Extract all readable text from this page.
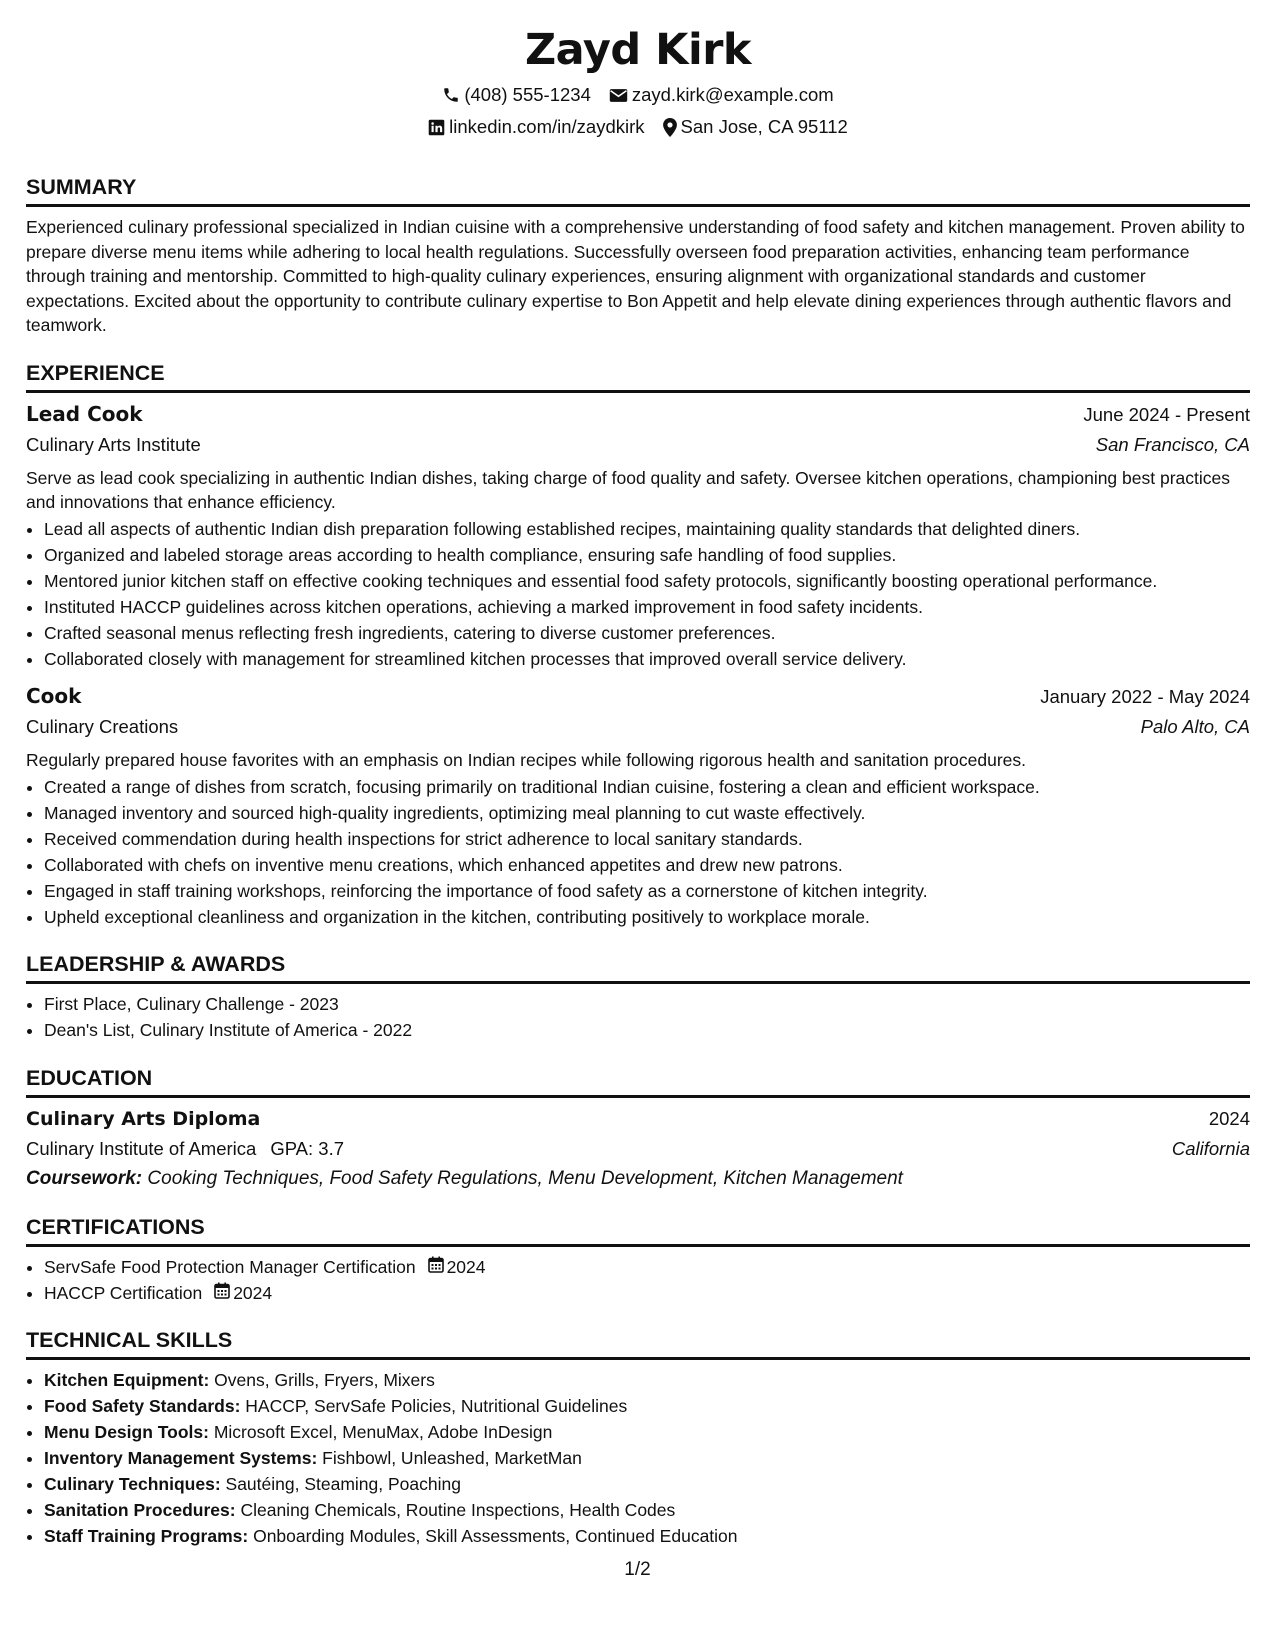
Zayd Kirk
(408) 555-1234 zayd.kirk@example.com
linkedin.com/in/zaydkirk San Jose, CA 95112
SUMMARY
Experienced culinary professional specialized in Indian cuisine with a comprehensive understanding of food safety and kitchen management. Proven ability to prepare diverse menu items while adhering to local health regulations. Successfully overseen food preparation activities, enhancing team performance through training and mentorship. Committed to high-quality culinary experiences, ensuring alignment with organizational standards and customer expectations. Excited about the opportunity to contribute culinary expertise to Bon Appetit and help elevate dining experiences through authentic flavors and teamwork.
EXPERIENCE
Lead Cook	June 2024 - Present
Culinary Arts Institute	San Francisco, CA
Serve as lead cook specializing in authentic Indian dishes, taking charge of food quality and safety. Oversee kitchen operations, championing best practices and innovations that enhance efficiency.
• Lead all aspects of authentic Indian dish preparation following established recipes, maintaining quality standards that delighted diners.
• Organized and labeled storage areas according to health compliance, ensuring safe handling of food supplies.
• Mentored junior kitchen staff on effective cooking techniques and essential food safety protocols, significantly boosting operational performance.
• Instituted HACCP guidelines across kitchen operations, achieving a marked improvement in food safety incidents.
• Crafted seasonal menus reflecting fresh ingredients, catering to diverse customer preferences.
• Collaborated closely with management for streamlined kitchen processes that improved overall service delivery.
Cook	January 2022 - May 2024
Culinary Creations	Palo Alto, CA
Regularly prepared house favorites with an emphasis on Indian recipes while following rigorous health and sanitation procedures.
• Created a range of dishes from scratch, focusing primarily on traditional Indian cuisine, fostering a clean and efficient workspace.
• Managed inventory and sourced high-quality ingredients, optimizing meal planning to cut waste effectively.
• Received commendation during health inspections for strict adherence to local sanitary standards.
• Collaborated with chefs on inventive menu creations, which enhanced appetites and drew new patrons.
• Engaged in staff training workshops, reinforcing the importance of food safety as a cornerstone of kitchen integrity.
• Upheld exceptional cleanliness and organization in the kitchen, contributing positively to workplace morale.
LEADERSHIP & AWARDS
• First Place, Culinary Challenge - 2023
• Dean's List, Culinary Institute of America - 2022
EDUCATION
Culinary Arts Diploma	2024
Culinary Institute of America GPA: 3.7	California
Coursework: Cooking Techniques, Food Safety Regulations, Menu Development, Kitchen Management
CERTIFICATIONS
• ServSafe Food Protection Manager Certification 2024
• HACCP Certification 2024
TECHNICAL SKILLS
• Kitchen Equipment: Ovens, Grills, Fryers, Mixers
• Food Safety Standards: HACCP, ServSafe Policies, Nutritional Guidelines
• Menu Design Tools: Microsoft Excel, MenuMax, Adobe InDesign
• Inventory Management Systems: Fishbowl, Unleashed, MarketMan
• Culinary Techniques: Sautéing, Steaming, Poaching
• Sanitation Procedures: Cleaning Chemicals, Routine Inspections, Health Codes
• Staff Training Programs: Onboarding Modules, Skill Assessments, Continued Education
1/2
